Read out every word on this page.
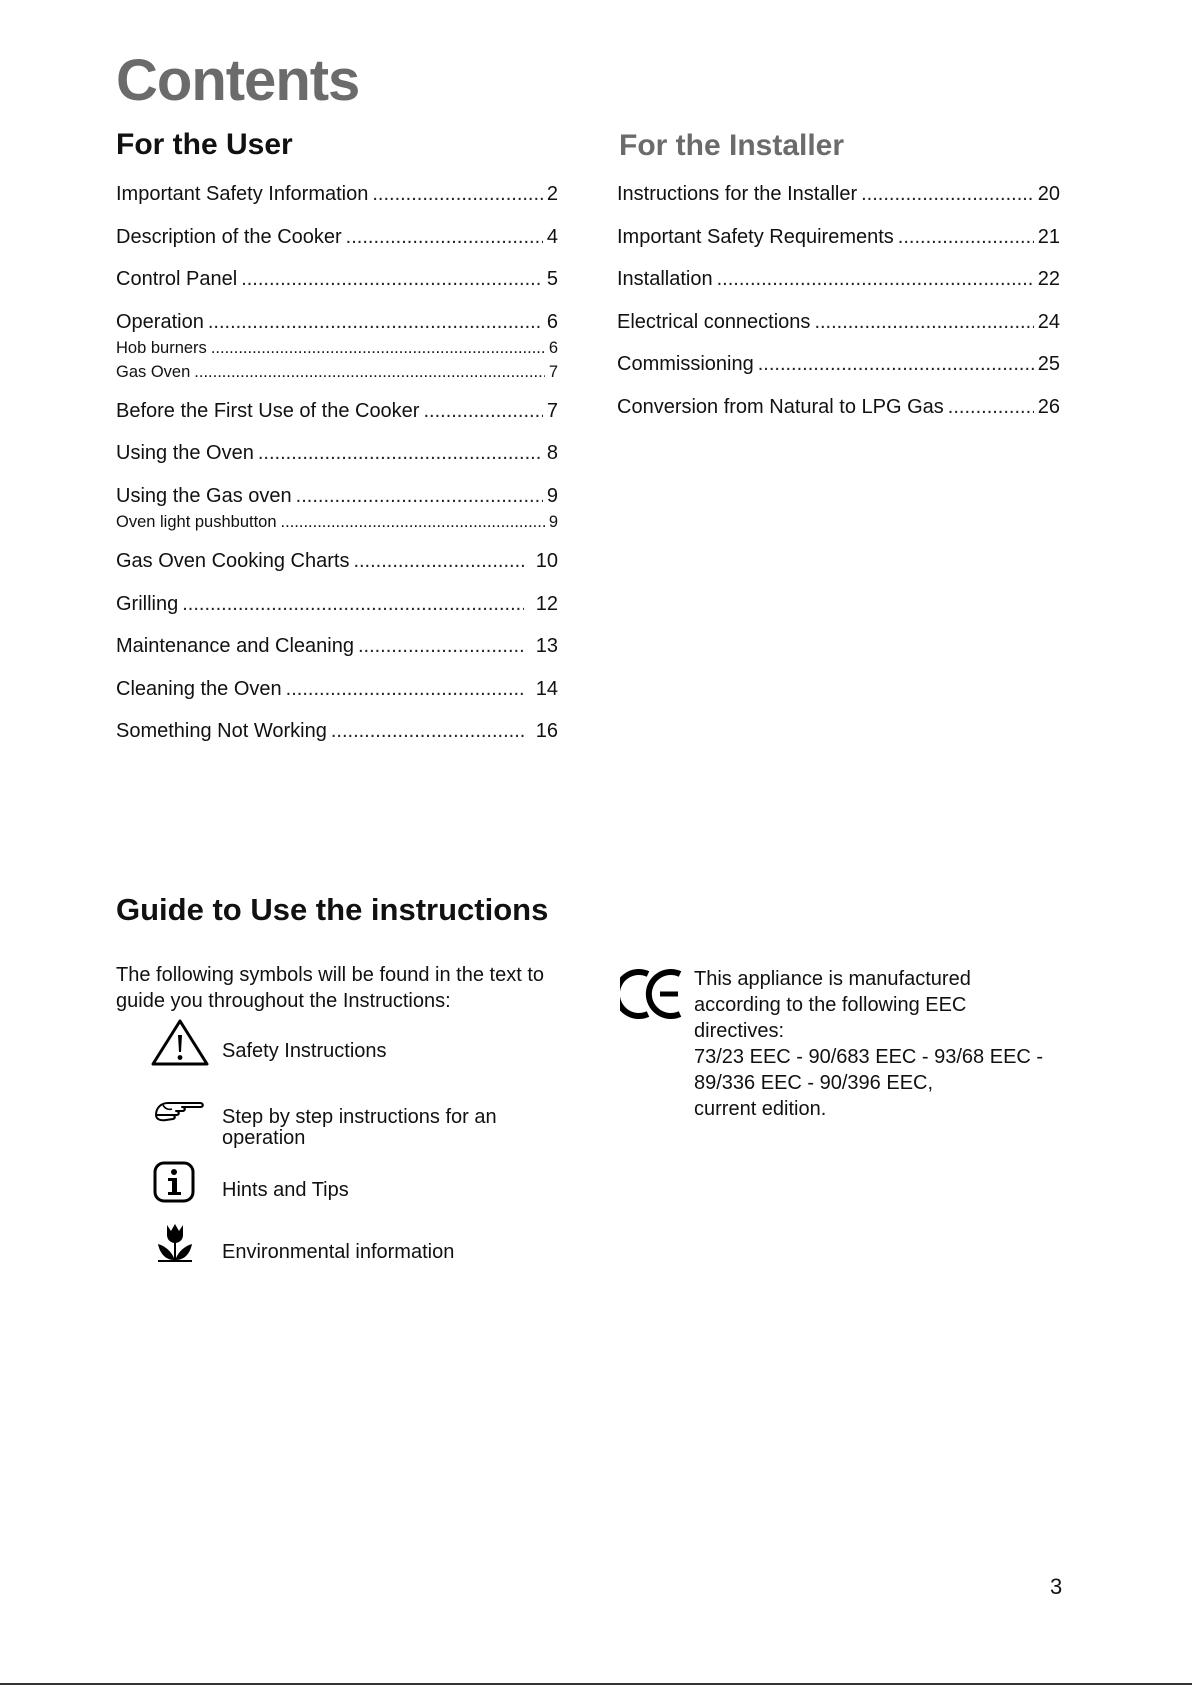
Contents
For the User	For the Installer
Important Safety Information .....	2
Description of the Cooker .....	4
Control Panel .....	5
Operation .....	6
Hob burners .....	6
Gas Oven .....	7
Before the First Use of the Cooker .....	7
Using the Oven .....	8
Using the Gas oven .....	9
Oven light pushbutton .....	9
Gas Oven Cooking Charts .....	10
Grilling .....	12
Maintenance and Cleaning .....	13
Cleaning the Oven .....	14
Something Not Working .....	16
Instructions for the Installer .....	20
Important Safety Requirements .....	21
Installation .....	22
Electrical connections .....	24
Commissioning .....	25
Conversion from Natural to LPG Gas .....	26
Guide to Use the instructions
The following symbols will be found in the text to guide you throughout the Instructions:
Safety Instructions
Step by step instructions for an operation
Hints and Tips
Environmental information
This appliance is manufactured
according to the following EEC
directives:
73/23 EEC - 90/683 EEC - 93/68 EEC -
89/336 EEC - 90/396 EEC,
current edition.
3
